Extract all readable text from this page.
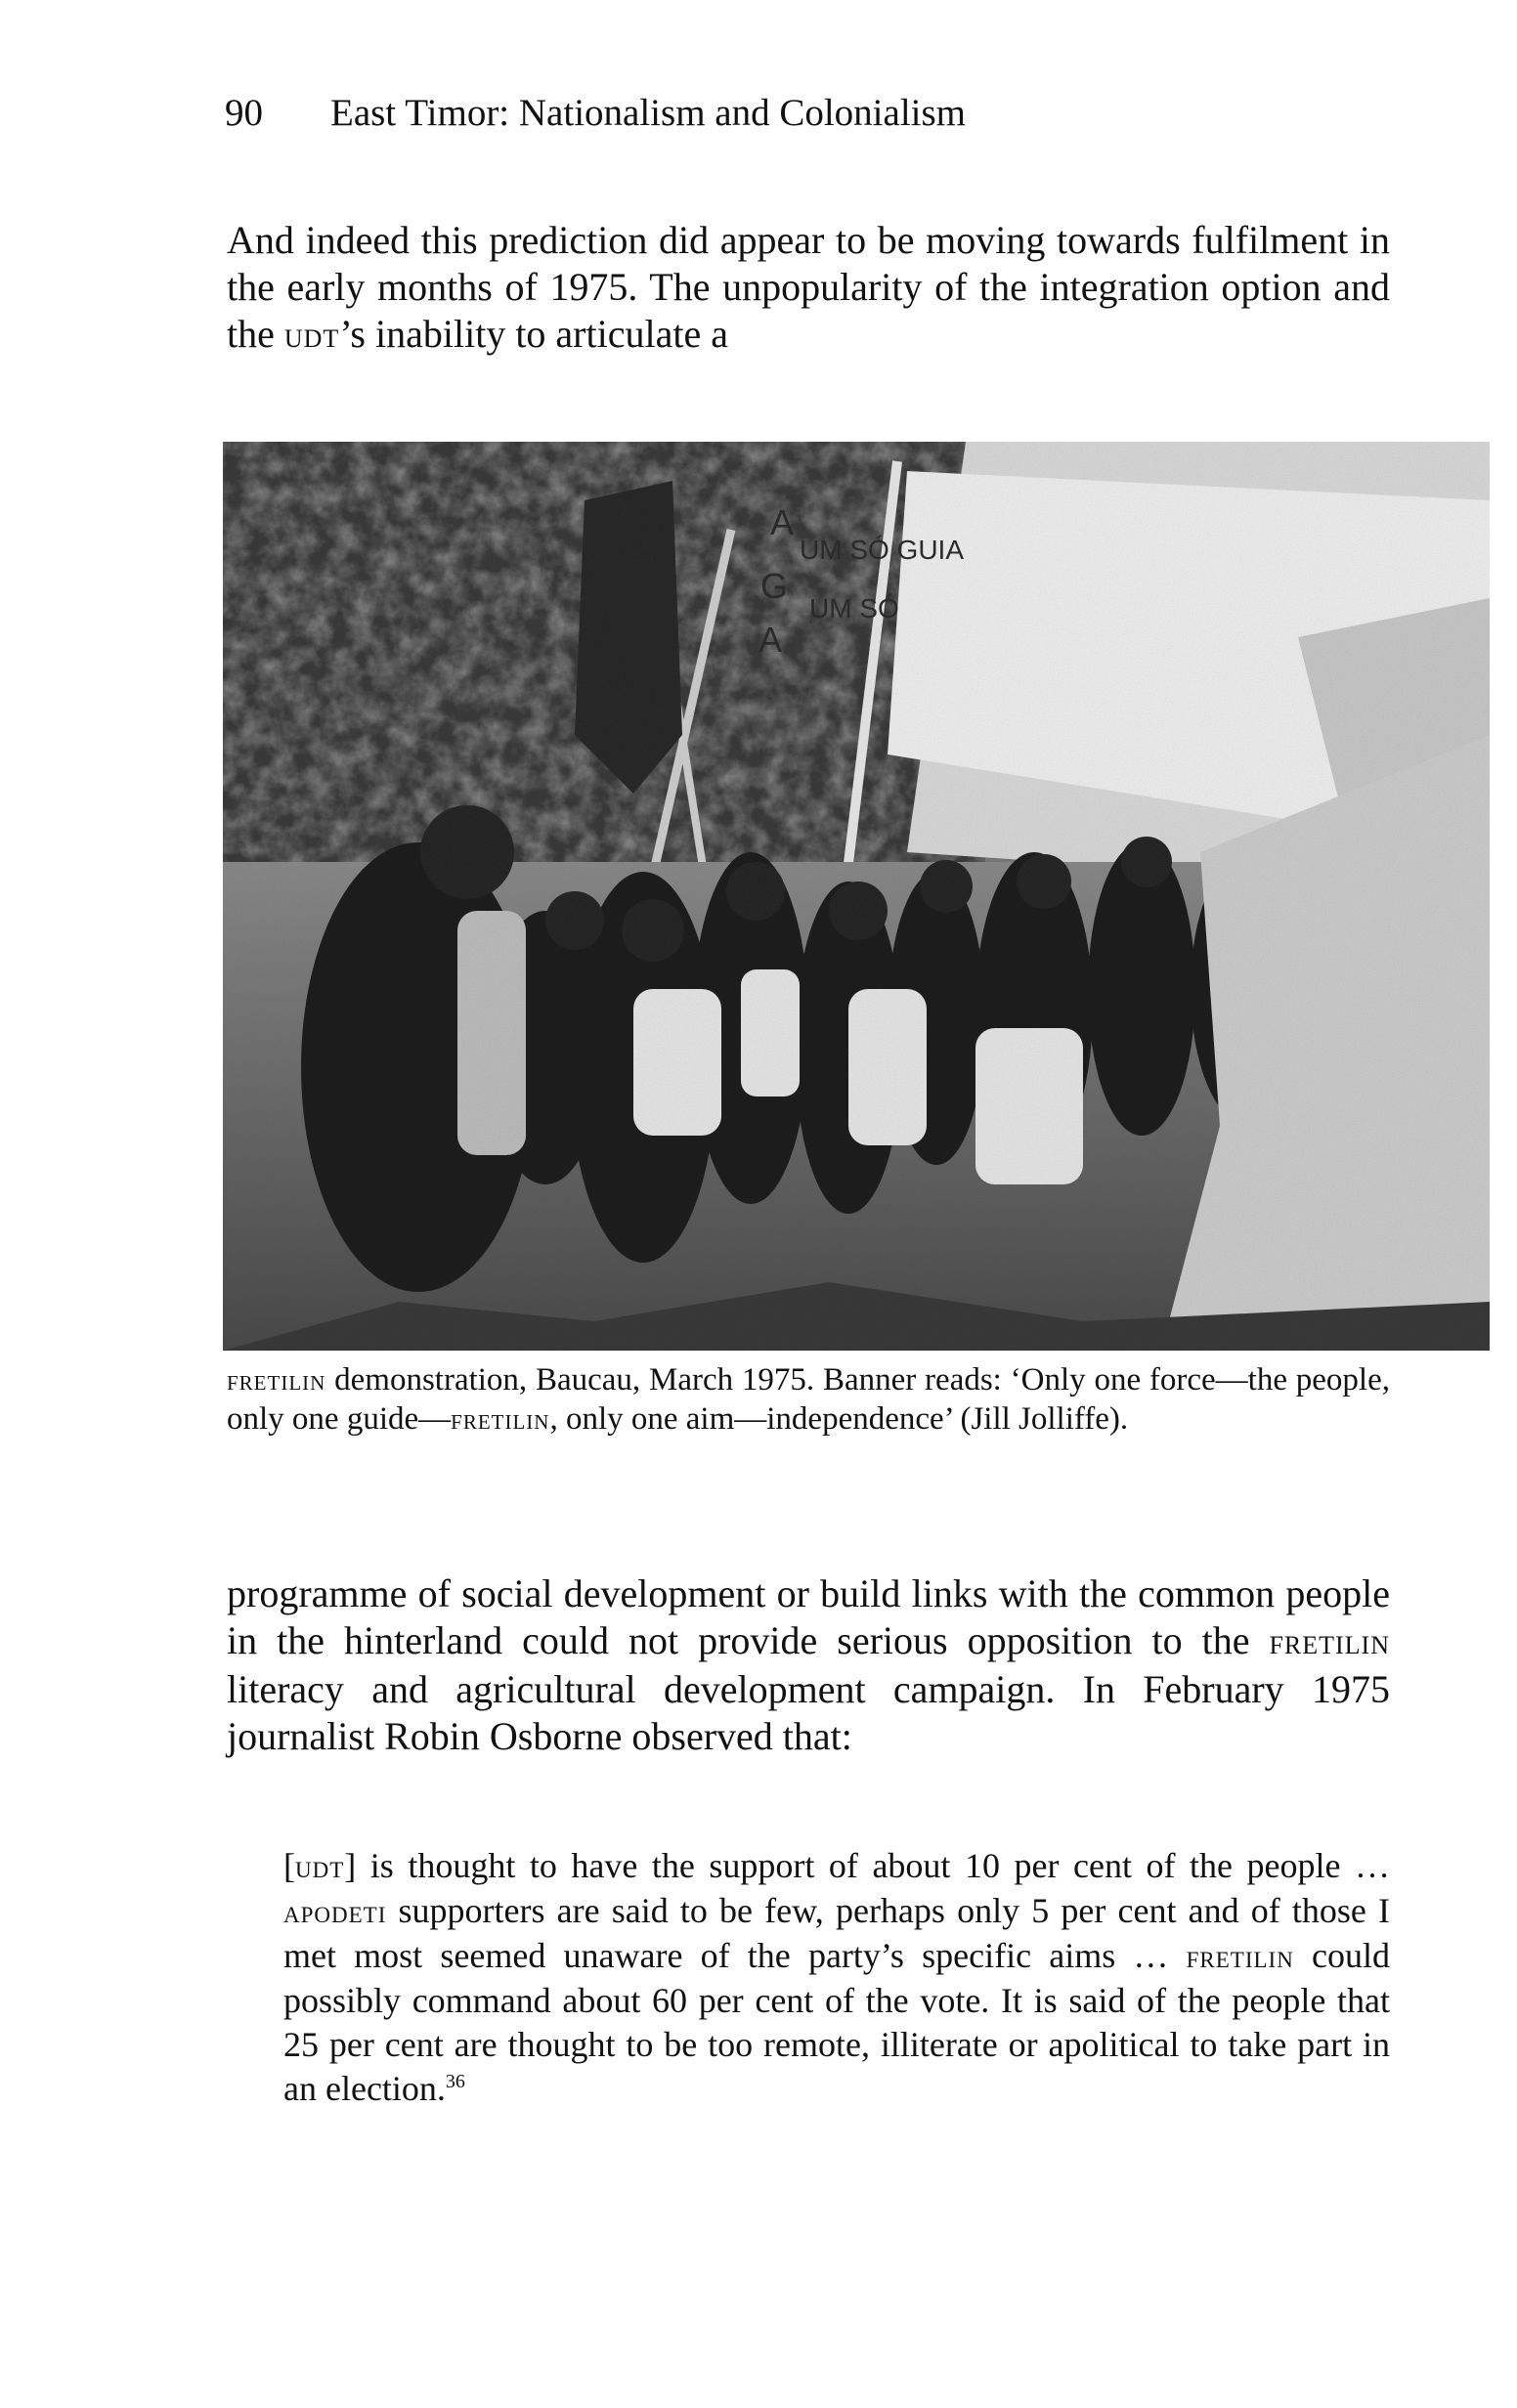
90 East Timor: Nationalism and Colonialism

And indeed this prediction did appear to be moving towards fulfilment in the early months of 1975. The unpopularity of the integration option and the udt’s inability to articulate a

A
UM SÓ GUIA
G
UM SÓ
A

fretilin demonstration, Baucau, March 1975. Banner reads: ‘Only one force—the people, only one guide—fretilin, only one aim—independence’ (Jill Jolliffe).

programme of social development or build links with the common people in the hinterland could not provide serious opposition to the fretilin literacy and agricultural development campaign. In February 1975 journalist Robin Osborne observed that:

[udt] is thought to have the support of about 10 per cent of the people … apodeti supporters are said to be few, perhaps only 5 per cent and of those I met most seemed unaware of the party’s specific aims … fretilin could possibly command about 60 per cent of the vote. It is said of the people that 25 per cent are thought to be too remote, illiterate or apolitical to take part in an election.$^{36}$
